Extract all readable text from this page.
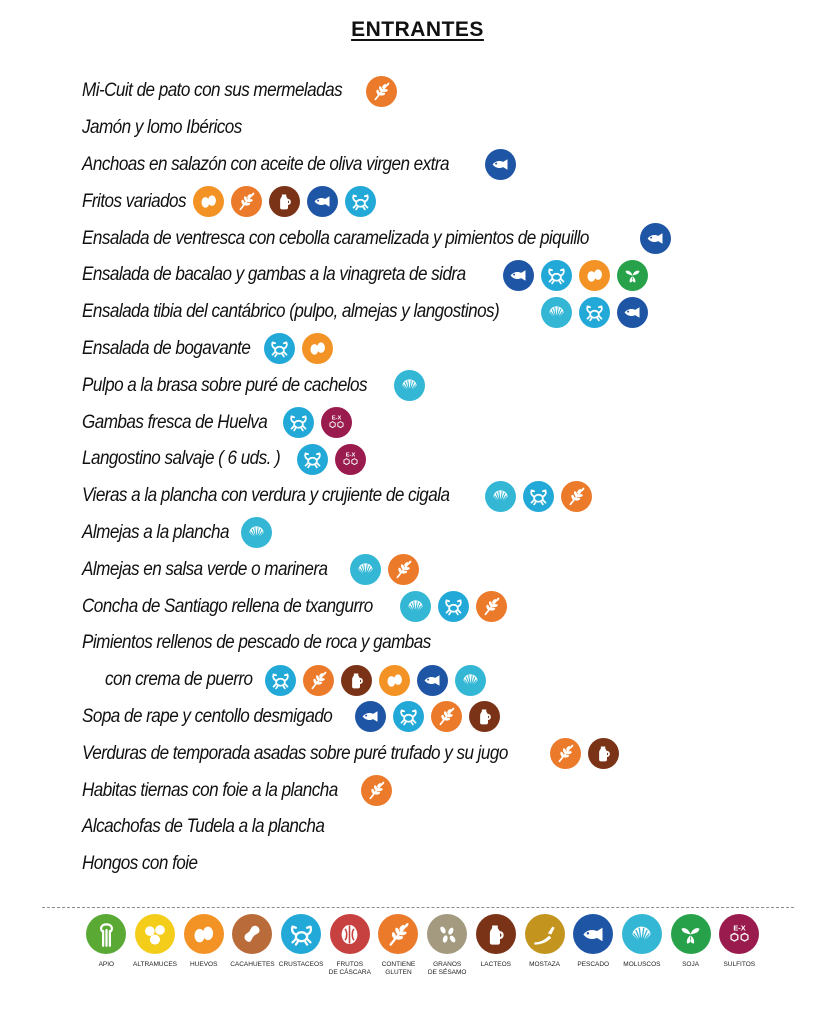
ENTRANTES
Mi-Cuit de pato con sus mermeladas
Jamón y lomo Ibéricos
Anchoas en salazón con aceite de oliva virgen extra
Fritos variados
Ensalada de ventresca con cebolla caramelizada y pimientos de piquillo
Ensalada de bacalao y gambas a la vinagreta de sidra
Ensalada tibia del cantábrico (pulpo, almejas y langostinos)
Ensalada de bogavante
Pulpo a la brasa sobre puré de cachelos
Gambas fresca de Huelva	E-X
Langostino salvaje ( 6 uds. )	E-X
Vieras a la plancha con verdura y crujiente de cigala
Almejas a la plancha
Almejas en salsa verde o marinera
Concha de Santiago rellena de txangurro
Pimientos rellenos de pescado de roca y gambas
con crema de puerro
Sopa de rape y centollo desmigado
Verduras de temporada asadas sobre puré trufado y su jugo
Habitas tiernas con foie a la plancha
Alcachofas de Tudela a la plancha
Hongos con foie
APIO	ALTRAMUCES HUEVOS CACAHUETES CRUSTACEOS	FRUTOS
DE CÁSCARA
CONTIENE
GLUTEN
GRANOS
DE SÉSAMO
LACTEOS	MOSTAZA	PESCADO MOLUSCOS	SOJA
E-X
SULFITOS
